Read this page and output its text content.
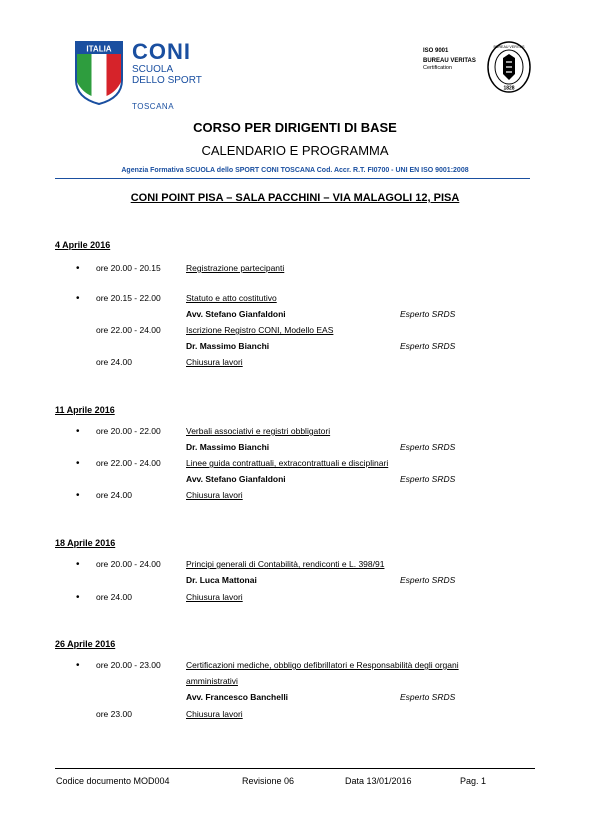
ITALIA CONI
SCUOLA
DELLO SPORT
TOSCANA
ISO 9001
BUREAU VERITAS
Certification
1828
BUREAU VERITAS
CORSO PER DIRIGENTI DI BASE
CALENDARIO E PROGRAMMA
Agenzia Formativa SCUOLA dello SPORT CONI TOSCANA Cod. Accr. R.T. FI0700 - UNI EN ISO 9001:2008
CONI POINT PISA – SALA PACCHINI – VIA MALAGOLI 12, PISA
4 Aprile 2016
• ore 20.00 - 20.15	Registrazione partecipanti
• ore 20.15 - 22.00	Statuto e atto costitutivo
Avv. Stefano Gianfaldoni	Esperto SRDS
ore 22.00 - 24.00	Iscrizione Registro CONI, Modello EAS
Dr. Massimo Bianchi	Esperto SRDS
ore 24.00	Chiusura lavori
11 Aprile 2016
• ore 20.00 - 22.00	Verbali associativi e registri obbligatori
Dr. Massimo Bianchi	Esperto SRDS
• ore 22.00 - 24.00	Linee guida contrattuali, extracontrattuali e disciplinari
Avv. Stefano Gianfaldoni	Esperto SRDS
• ore 24.00	Chiusura lavori
18 Aprile 2016
• ore 20.00 - 24.00	Principi generali di Contabilità, rendiconti e L. 398/91
Dr. Luca Mattonai	Esperto SRDS
• ore 24.00	Chiusura lavori
26 Aprile 2016
• ore 20.00 - 23.00	Certificazioni mediche, obbligo defibrillatori e Responsabilità degli organi
amministrativi
Avv. Francesco Banchelli	Esperto SRDS
ore 23.00	Chiusura lavori
Codice documento MOD004	Revisione 06	Data 13/01/2016	Pag. 1
